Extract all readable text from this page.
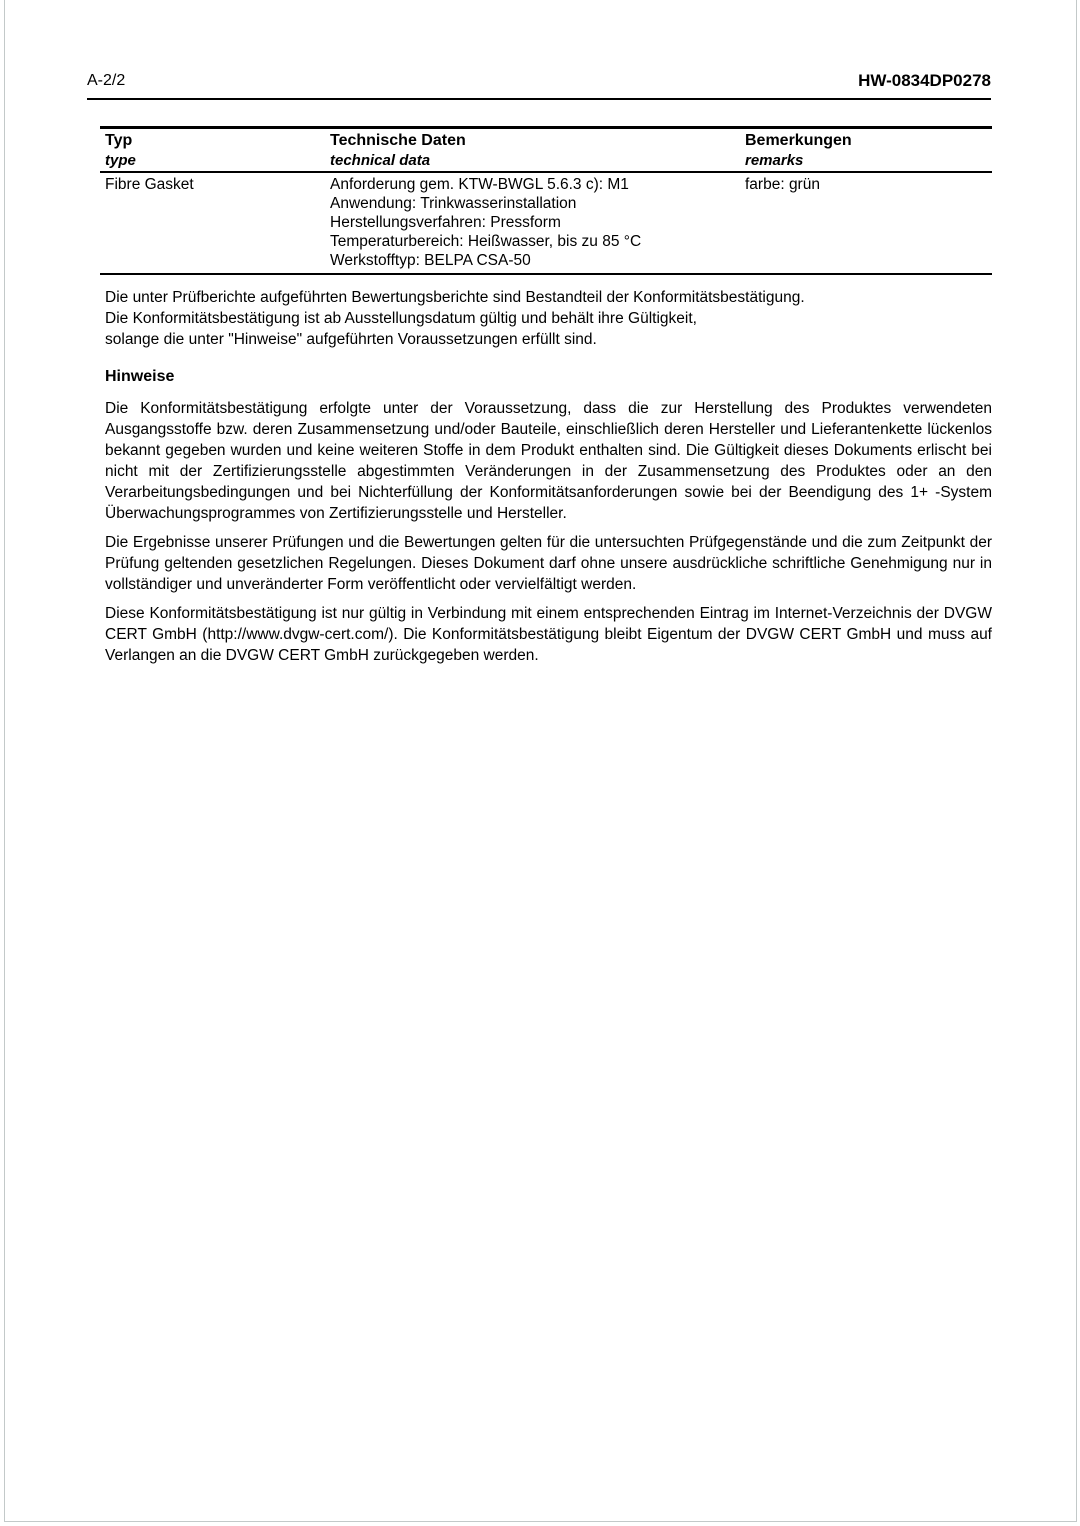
A-2/2	HW-0834DP0278
Typ
type
Technische Daten
technical data
Bemerkungen
remarks
Fibre Gasket	Anforderung gem. KTW-BWGL 5.6.3 c): M1
Anwendung: Trinkwasserinstallation
Herstellungsverfahren: Pressform
Temperaturbereich: Heißwasser, bis zu 85 °C
Werkstofftyp: BELPA CSA-50
farbe: grün
Die unter Prüfberichte aufgeführten Bewertungsberichte sind Bestandteil der Konformitätsbestätigung.
Die Konformitätsbestätigung ist ab Ausstellungsdatum gültig und behält ihre Gültigkeit,
solange die unter "Hinweise" aufgeführten Voraussetzungen erfüllt sind.
Hinweise
Die Konformitätsbestätigung erfolgte unter der Voraussetzung, dass die zur Herstellung des Produktes verwendeten Ausgangsstoffe bzw. deren Zusammensetzung und/oder Bauteile, einschließlich deren Hersteller und Lieferantenkette lückenlos bekannt gegeben wurden und keine weiteren Stoffe in dem Produkt enthalten sind. Die Gültigkeit dieses Dokuments erlischt bei nicht mit der Zertifizierungsstelle abgestimmten Veränderungen in der Zusammensetzung des Produktes oder an den Verarbeitungsbedingungen und bei Nichterfüllung der Konformitätsanforderungen sowie bei der Beendigung des 1+ -System Überwachungsprogrammes von Zertifizierungsstelle und Hersteller.
Die Ergebnisse unserer Prüfungen und die Bewertungen gelten für die untersuchten Prüfgegenstände und die zum Zeitpunkt der Prüfung geltenden gesetzlichen Regelungen. Dieses Dokument darf ohne unsere ausdrückliche schriftliche Genehmigung nur in vollständiger und unveränderter Form veröffentlicht oder vervielfältigt werden.
Diese Konformitätsbestätigung ist nur gültig in Verbindung mit einem entsprechenden Eintrag im Internet-Verzeichnis der DVGW CERT GmbH (http://www.dvgw-cert.com/). Die Konformitätsbestätigung bleibt Eigentum der DVGW CERT GmbH und muss auf Verlangen an die DVGW CERT GmbH zurückgegeben werden.
